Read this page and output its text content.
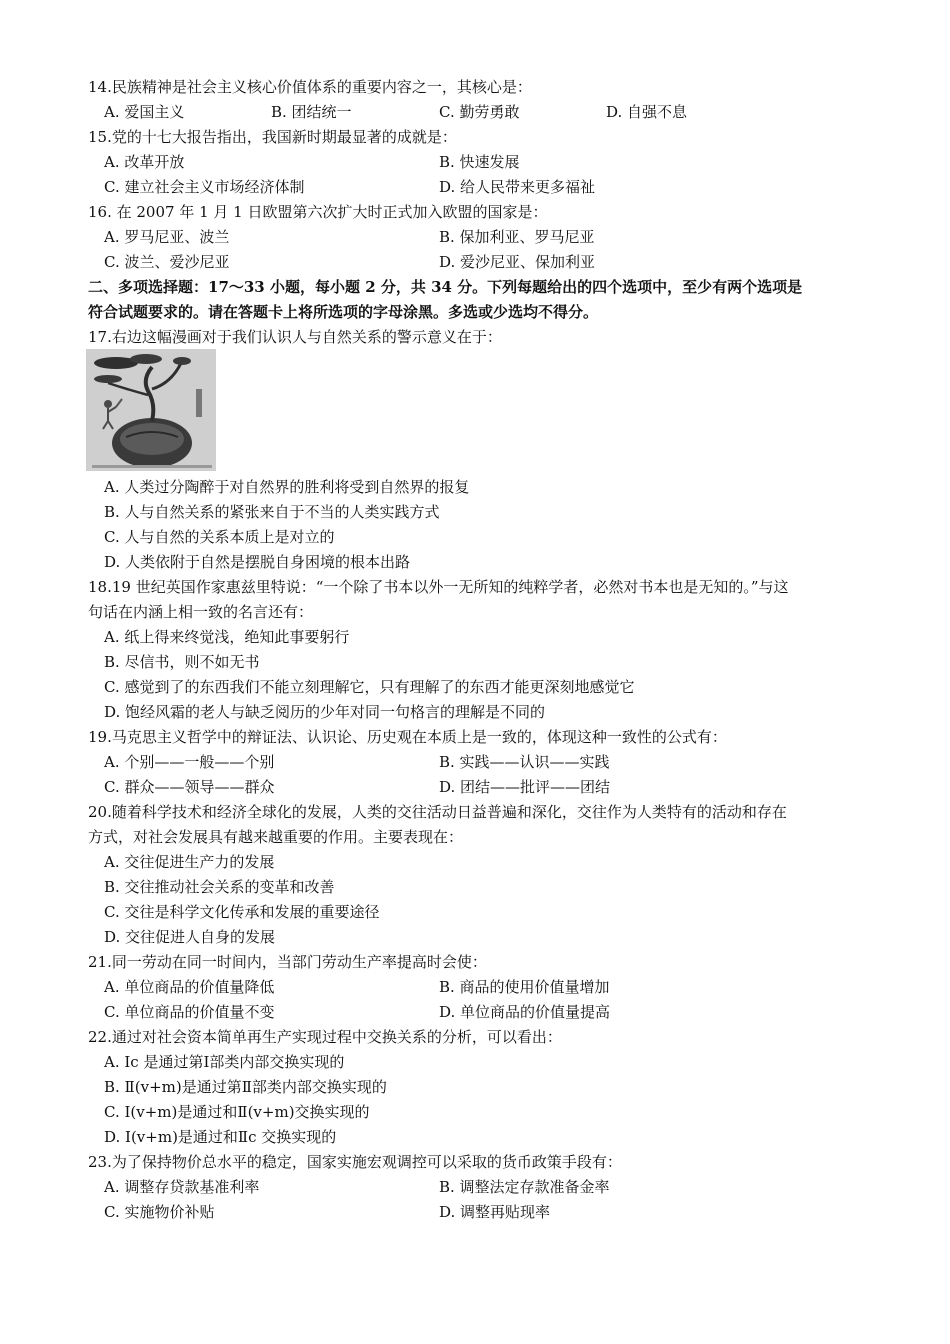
14.民族精神是社会主义核心价值体系的重要内容之一，其核心是：
A. 爱国主义	B. 团结统一	C. 勤劳勇敢	D. 自强不息
15.党的十七大报告指出，我国新时期最显著的成就是：
A. 改革开放	B. 快速发展
C. 建立社会主义市场经济体制	D. 给人民带来更多福祉
16. 在 2007 年 1 月 1 日欧盟第六次扩大时正式加入欧盟的国家是：
A. 罗马尼亚、波兰	B. 保加利亚、罗马尼亚
C. 波兰、爱沙尼亚	D. 爱沙尼亚、保加利亚
二、多项选择题：17～33 小题，每小题 2 分，共 34 分。下列每题给出的四个选项中，至少有两个选项是
符合试题要求的。请在答题卡上将所选项的字母涂黑。多选或少选均不得分。
17.右边这幅漫画对于我们认识人与自然关系的警示意义在于：
A. 人类过分陶醉于对自然界的胜利将受到自然界的报复
B. 人与自然关系的紧张来自于不当的人类实践方式
C. 人与自然的关系本质上是对立的
D. 人类依附于自然是摆脱自身困境的根本出路
18.19 世纪英国作家惠兹里特说：“一个除了书本以外一无所知的纯粹学者，必然对书本也是无知的。”与这
句话在内涵上相一致的名言还有：
A. 纸上得来终觉浅，绝知此事要躬行
B. 尽信书，则不如无书
C. 感觉到了的东西我们不能立刻理解它，只有理解了的东西才能更深刻地感觉它
D. 饱经风霜的老人与缺乏阅历的少年对同一句格言的理解是不同的
19.马克思主义哲学中的辩证法、认识论、历史观在本质上是一致的，体现这种一致性的公式有：
A. 个别——一般——个别	B. 实践——认识——实践
C. 群众——领导——群众	D. 团结——批评——团结
20.随着科学技术和经济全球化的发展，人类的交往活动日益普遍和深化，交往作为人类特有的活动和存在
方式，对社会发展具有越来越重要的作用。主要表现在：
A. 交往促进生产力的发展
B. 交往推动社会关系的变革和改善
C. 交往是科学文化传承和发展的重要途径
D. 交往促进人自身的发展
21.同一劳动在同一时间内，当部门劳动生产率提高时会使：
A. 单位商品的价值量降低	B. 商品的使用价值量增加
C. 单位商品的价值量不变	D. 单位商品的价值量提高
22.通过对社会资本简单再生产实现过程中交换关系的分析，可以看出：
A. Ⅰc 是通过第Ⅰ部类内部交换实现的
B. Ⅱ(v+m)是通过第Ⅱ部类内部交换实现的
C. Ⅰ(v+m)是通过和Ⅱ(v+m)交换实现的
D. Ⅰ(v+m)是通过和Ⅱc 交换实现的
23.为了保持物价总水平的稳定，国家实施宏观调控可以采取的货币政策手段有：
A. 调整存贷款基准利率	B. 调整法定存款准备金率
C. 实施物价补贴	D. 调整再贴现率
